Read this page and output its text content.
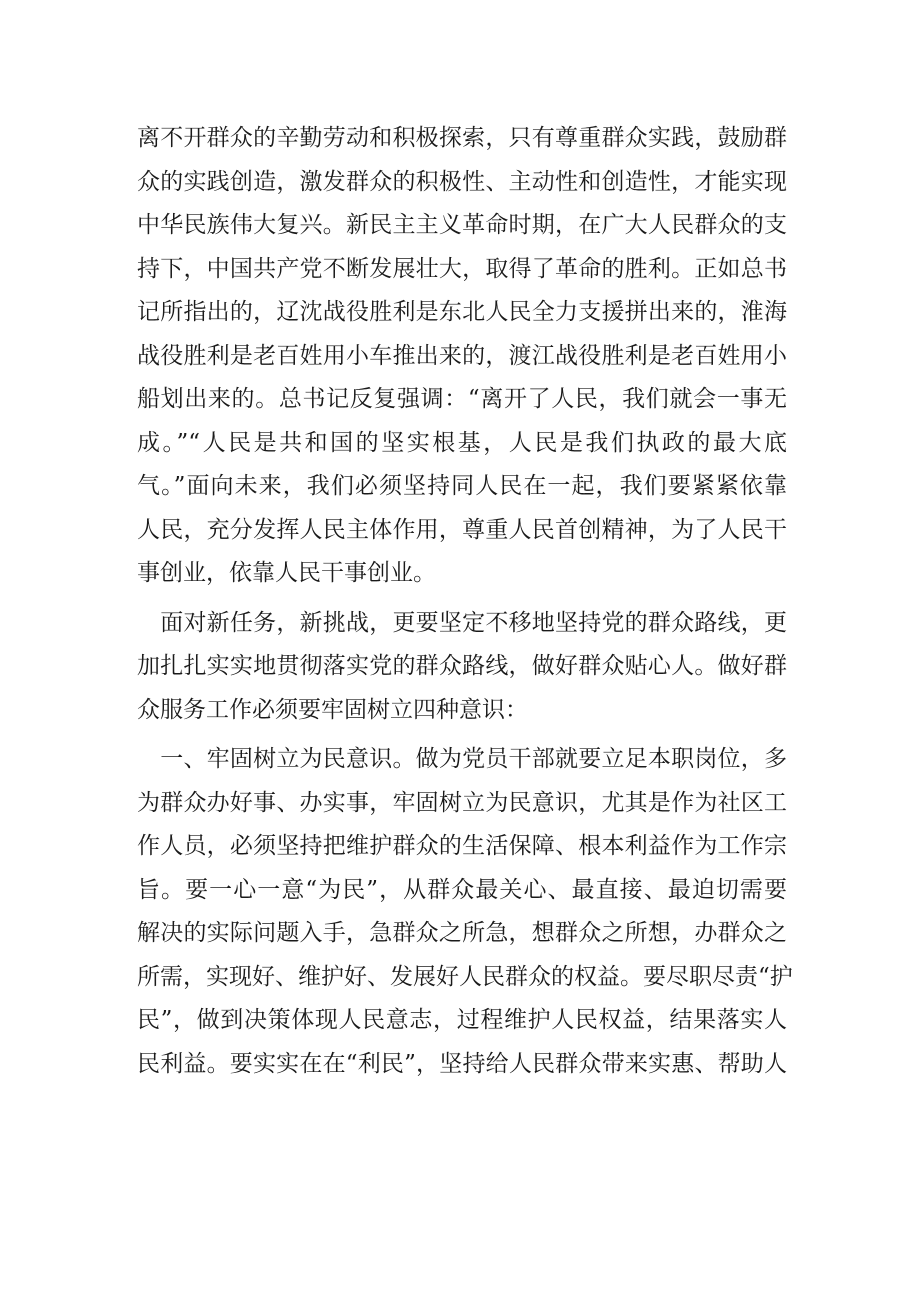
离不开群众的辛勤劳动和积极探索，只有尊重群众实践，鼓励群
众的实践创造，激发群众的积极性、主动性和创造性，才能实现
中华民族伟大复兴。新民主主义革命时期，在广大人民群众的支
持下，中国共产党不断发展壮大，取得了革命的胜利。正如总书
记所指出的，辽沈战役胜利是东北人民全力支援拼出来的，淮海
战役胜利是老百姓用小车推出来的，渡江战役胜利是老百姓用小
船划出来的。总书记反复强调：“离开了人民，我们就会一事无
成。”“人民是共和国的坚实根基，人民是我们执政的最大底
气。”面向未来，我们必须坚持同人民在一起，我们要紧紧依靠
人民，充分发挥人民主体作用，尊重人民首创精神，为了人民干
事创业，依靠人民干事创业。
　面对新任务，新挑战，更要坚定不移地坚持党的群众路线，更
加扎扎实实地贯彻落实党的群众路线，做好群众贴心人。做好群
众服务工作必须要牢固树立四种意识：
　一、牢固树立为民意识。做为党员干部就要立足本职岗位，多
为群众办好事、办实事，牢固树立为民意识，尤其是作为社区工
作人员，必须坚持把维护群众的生活保障、根本利益作为工作宗
旨。要一心一意“为民”，从群众最关心、最直接、最迫切需要
解决的实际问题入手，急群众之所急，想群众之所想，办群众之
所需，实现好、维护好、发展好人民群众的权益。要尽职尽责“护
民”，做到决策体现人民意志，过程维护人民权益，结果落实人
民利益。要实实在在“利民”，坚持给人民群众带来实惠、帮助人
